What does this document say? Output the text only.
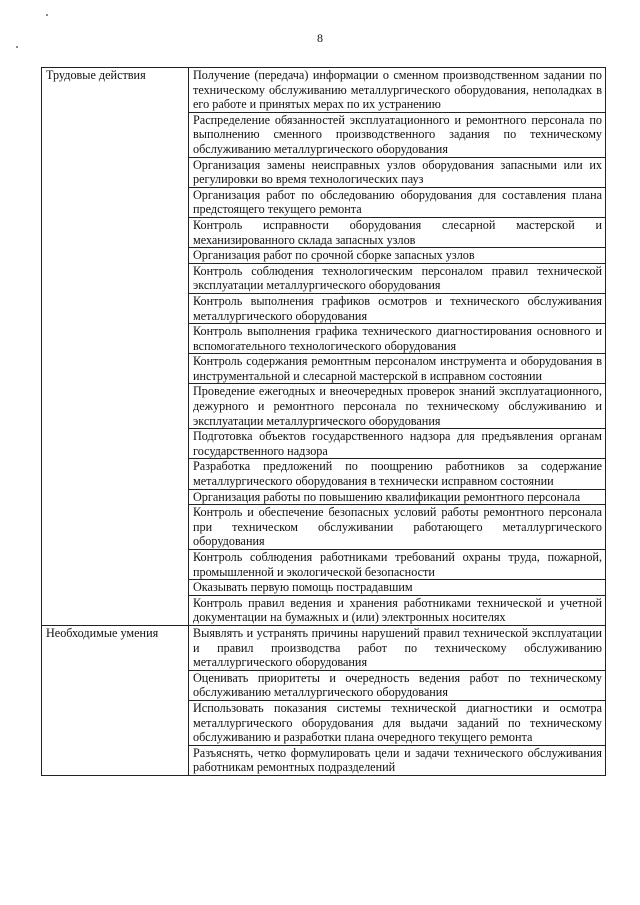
8
Трудовые действия	Получение (передача) информации о сменном производственном задании по техническому обслуживанию металлургического оборудования, неполадках в его работе и принятых мерах по их устранению
	Распределение обязанностей эксплуатационного и ремонтного персонала по выполнению сменного производственного задания по техническому обслуживанию металлургического оборудования
	Организация замены неисправных узлов оборудования запасными или их регулировки во время технологических пауз
	Организация работ по обследованию оборудования для составления плана предстоящего текущего ремонта
	Контроль исправности оборудования слесарной мастерской и механизированного склада запасных узлов
	Организация работ по срочной сборке запасных узлов
	Контроль соблюдения технологическим персоналом правил технической эксплуатации металлургического оборудования
	Контроль выполнения графиков осмотров и технического обслуживания металлургического оборудования
	Контроль выполнения графика технического диагностирования основного и вспомогательного технологического оборудования
	Контроль содержания ремонтным персоналом инструмента и оборудования в инструментальной и слесарной мастерской в исправном состоянии
	Проведение ежегодных и внеочередных проверок знаний эксплуатационного, дежурного и ремонтного персонала по техническому обслуживанию и эксплуатации металлургического оборудования
	Подготовка объектов государственного надзора для предъявления органам государственного надзора
	Разработка предложений по поощрению работников за содержание металлургического оборудования в технически исправном состоянии
	Организация работы по повышению квалификации ремонтного персонала
	Контроль и обеспечение безопасных условий работы ремонтного персонала при техническом обслуживании работающего металлургического оборудования
	Контроль соблюдения работниками требований охраны труда, пожарной, промышленной и экологической безопасности
	Оказывать первую помощь пострадавшим
	Контроль правил ведения и хранения работниками технической и учетной документации на бумажных и (или) электронных носителях
Необходимые умения	Выявлять и устранять причины нарушений правил технической эксплуатации и правил производства работ по техническому обслуживанию металлургического оборудования
	Оценивать приоритеты и очередность ведения работ по техническому обслуживанию металлургического оборудования
	Использовать показания системы технической диагностики и осмотра металлургического оборудования для выдачи заданий по техническому обслуживанию и разработки плана очередного текущего ремонта
	Разъяснять, четко формулировать цели и задачи технического обслуживания работникам ремонтных подразделений
